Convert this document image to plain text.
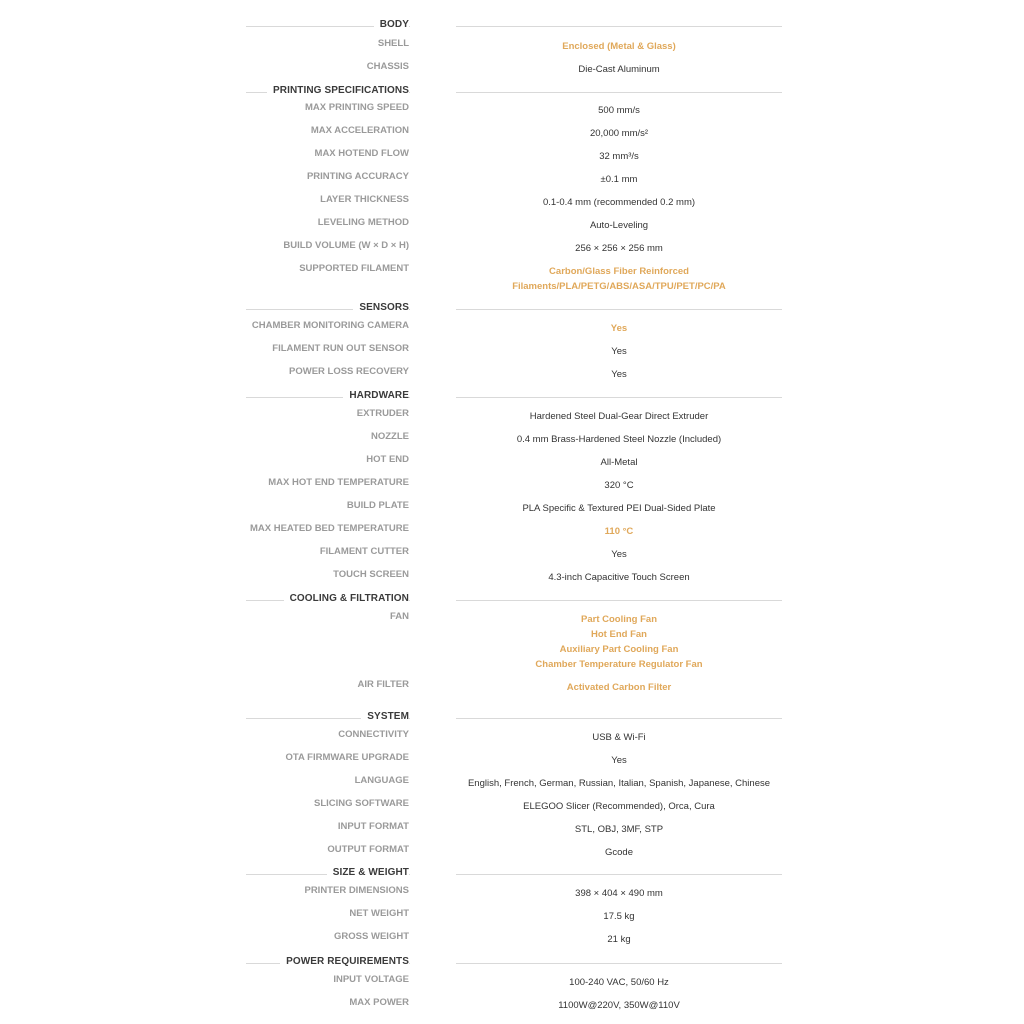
BODY
SHELL	Enclosed (Metal & Glass)
CHASSIS	Die-Cast Aluminum
PRINTING SPECIFICATIONS
MAX PRINTING SPEED	500 mm/s
MAX ACCELERATION	20,000 mm/s²
MAX HOTEND FLOW	32 mm³/s
PRINTING ACCURACY	±0.1 mm
LAYER THICKNESS	0.1-0.4 mm (recommended 0.2 mm)
LEVELING METHOD	Auto-Leveling
BUILD VOLUME (W × D × H)	256 × 256 × 256 mm
SUPPORTED FILAMENT	Carbon/Glass Fiber Reinforced
Filaments/PLA/PETG/ABS/ASA/TPU/PET/PC/PA
SENSORS
CHAMBER MONITORING CAMERA	Yes
FILAMENT RUN OUT SENSOR	Yes
POWER LOSS RECOVERY	Yes
HARDWARE
EXTRUDER	Hardened Steel Dual-Gear Direct Extruder
NOZZLE	0.4 mm Brass-Hardened Steel Nozzle (Included)
HOT END	All-Metal
MAX HOT END TEMPERATURE	320 °C
BUILD PLATE	PLA Specific & Textured PEI Dual-Sided Plate
MAX HEATED BED TEMPERATURE	110 °C
FILAMENT CUTTER	Yes
TOUCH SCREEN	4.3-inch Capacitive Touch Screen
COOLING & FILTRATION
FAN	Part Cooling Fan
Hot End Fan
Auxiliary Part Cooling Fan
Chamber Temperature Regulator Fan
AIR FILTER	Activated Carbon Filter
SYSTEM
CONNECTIVITY	USB & Wi-Fi
OTA FIRMWARE UPGRADE	Yes
LANGUAGE	English, French, German, Russian, Italian, Spanish, Japanese, Chinese
SLICING SOFTWARE	ELEGOO Slicer (Recommended), Orca, Cura
INPUT FORMAT	STL, OBJ, 3MF, STP
OUTPUT FORMAT	Gcode
SIZE & WEIGHT
PRINTER DIMENSIONS	398 × 404 × 490 mm
NET WEIGHT	17.5 kg
GROSS WEIGHT	21 kg
POWER REQUIREMENTS
INPUT VOLTAGE	100-240 VAC, 50/60 Hz
MAX POWER	1100W@220V, 350W@110V
